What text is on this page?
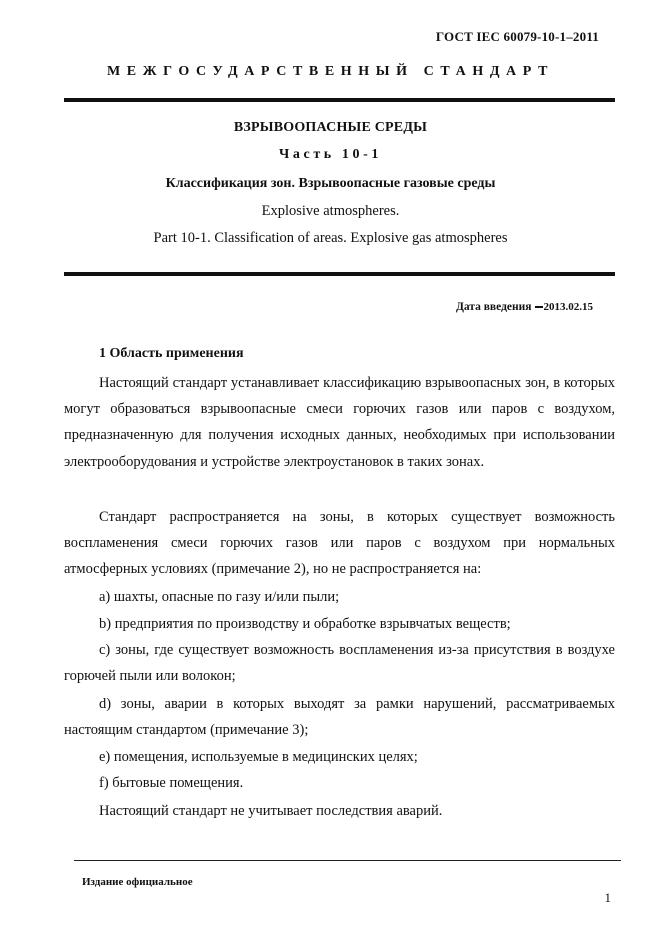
ГОСТ IEC 60079-10-1–2011
МЕЖГОСУДАРСТВЕННЫЙ СТАНДАРТ
ВЗРЫВООПАСНЫЕ СРЕДЫ
Часть 10-1
Классификация зон. Взрывоопасные газовые среды
Explosive atmospheres.
Part 10-1. Classification of areas. Explosive gas atmospheres
Дата введения 2013.02.15
1 Область применения

Настоящий стандарт устанавливает классификацию взрывоопасных зон, в которых могут образоваться взрывоопасные смеси горючих газов или паров с воздухом, предназначенную для получения исходных данных, необходимых при использовании электрооборудования и устройстве электроустановок в таких зонах.

Стандарт распространяется на зоны, в которых существует возможность воспламенения смеси горючих газов или паров с воздухом при нормальных атмосферных условиях (примечание 2), но не распространяется на:

a) шахты, опасные по газу и/или пыли;

b) предприятия по производству и обработке взрывчатых веществ;

c) зоны, где существует возможность воспламенения из-за присутствия в воздухе горючей пыли или волокон;

d) зоны, аварии в которых выходят за рамки нарушений, рассматриваемых настоящим стандартом (примечание 3);

e) помещения, используемые в медицинских целях;

f) бытовые помещения.

Настоящий стандарт не учитывает последствия аварий.

Издание официальное
1
